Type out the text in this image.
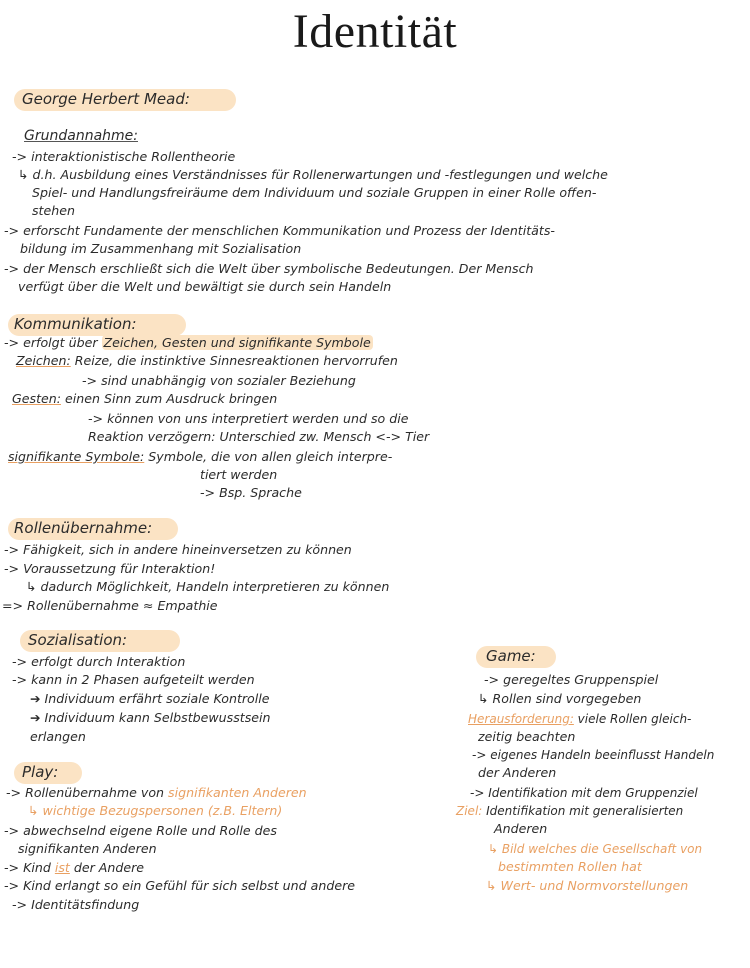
Identität
George Herbert Mead:
Grundannahme:
-> interaktionistische Rollentheorie
↳ d.h. Ausbildung eines Verständnisses für Rollenerwartungen und -festlegungen und welche
Spiel- und Handlungsfreiräume dem Individuum und soziale Gruppen in einer Rolle offen-
stehen
-> erforscht Fundamente der menschlichen Kommunikation und Prozess der Identitäts-
bildung im Zusammenhang mit Sozialisation
-> der Mensch erschließt sich die Welt über symbolische Bedeutungen. Der Mensch
verfügt über die Welt und bewältigt sie durch sein Handeln
Kommunikation:
-> erfolgt über Zeichen, Gesten und signifikante Symbole
Zeichen: Reize, die instinktive Sinnesreaktionen hervorrufen
-> sind unabhängig von sozialer Beziehung
Gesten: einen Sinn zum Ausdruck bringen
-> können von uns interpretiert werden und so die
Reaktion verzögern: Unterschied zw. Mensch <-> Tier
signifikante Symbole: Symbole, die von allen gleich interpre-
tiert werden
-> Bsp. Sprache
Rollenübernahme:
-> Fähigkeit, sich in andere hineinversetzen zu können
-> Voraussetzung für Interaktion!
↳ dadurch Möglichkeit, Handeln interpretieren zu können
=> Rollenübernahme ≈ Empathie
Sozialisation:
-> erfolgt durch Interaktion
-> kann in 2 Phasen aufgeteilt werden
➔ Individuum erfährt soziale Kontrolle
➔ Individuum kann Selbstbewusstsein
erlangen
Play:
-> Rollenübernahme von signifikanten Anderen
↳ wichtige Bezugspersonen (z.B. Eltern)
-> abwechselnd eigene Rolle und Rolle des
signifikanten Anderen
-> Kind ist der Andere
-> Kind erlangt so ein Gefühl für sich selbst und andere
-> Identitätsfindung
Game:
-> geregeltes Gruppenspiel
↳ Rollen sind vorgegeben
Herausforderung: viele Rollen gleich-
zeitig beachten
-> eigenes Handeln beeinflusst Handeln
der Anderen
-> Identifikation mit dem Gruppenziel
Ziel: Identifikation mit generalisierten
Anderen
↳ Bild welches die Gesellschaft von
bestimmten Rollen hat
↳ Wert- und Normvorstellungen
